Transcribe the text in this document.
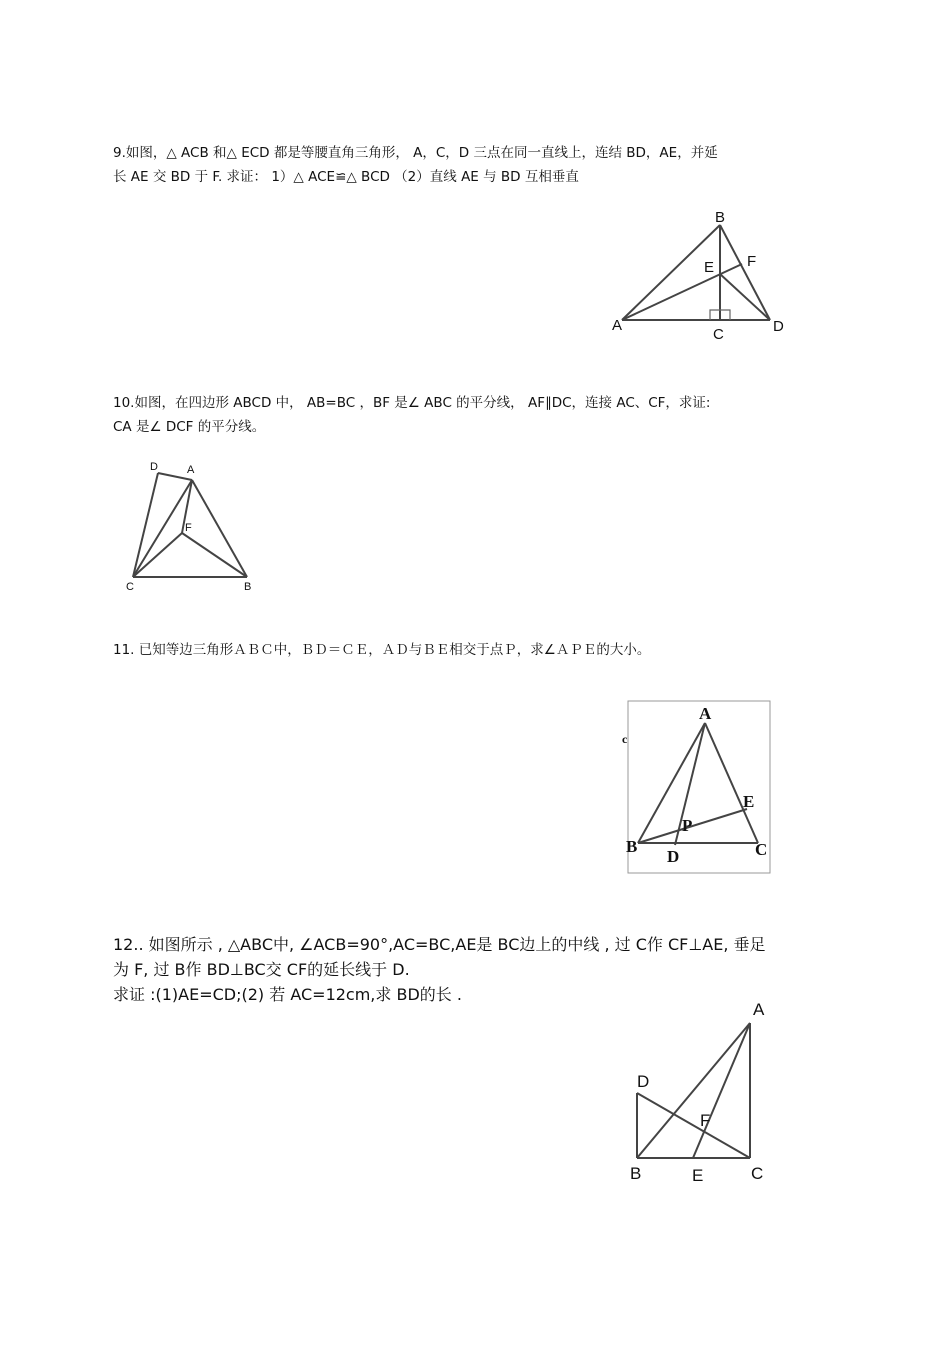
9.如图，△ ACB 和△ ECD 都是等腰直角三角形， A，C，D 三点在同一直线上，连结 BD，AE，并延
长 AE 交 BD 于 F. 求证： 1）△ ACE≌△ BCD （2）直线 AE 与 BD 互相垂直
B
F
E
A
C	D
10.如图，在四边形 ABCD 中， AB=BC ，BF 是∠ ABC 的平分线， AF∥DC，连接 AC、CF，求证:
CA 是∠ DCF 的平分线。
D	A
F
C	B
11. 已知等边三角形ＡＢＣ中，ＢＤ＝ＣＥ，ＡＤ与ＢＥ相交于点Ｐ，求∠ＡＰＥ的大小。
c
A
E
P
B
D	C
12.. 如图所示 , △ABC中, ∠ACB=90°,AC=BC,AE是 BC边上的中线 , 过 C作 CF⊥AE, 垂足
为 F, 过 B作 BD⊥BC交 CF的延长线于 D.
求证 :(1)AE=CD;(2) 若 AC=12cm,求 BD的长 .
A
D
F
B	E	C
